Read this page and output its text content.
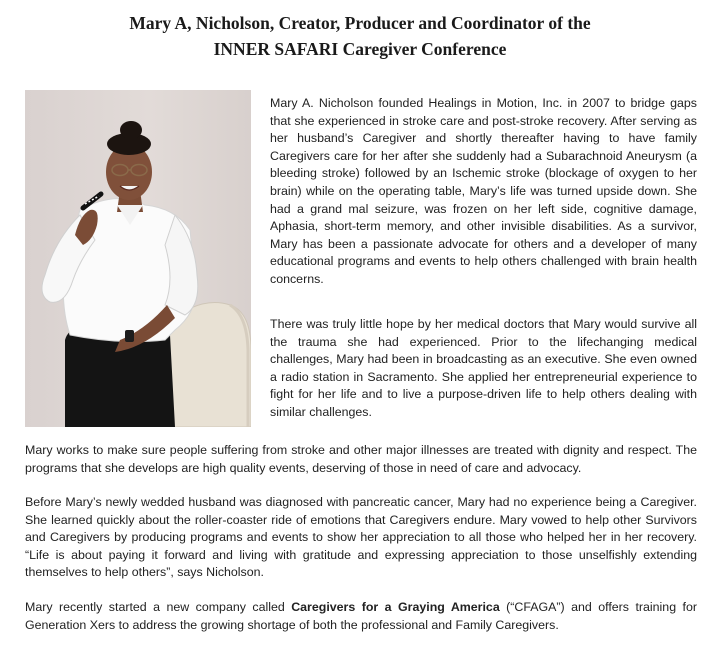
Mary A, Nicholson, Creator, Producer and Coordinator of the
INNER SAFARI Caregiver Conference

Mary A. Nicholson founded Healings in Motion, Inc. in 2007 to bridge gaps that she experienced in stroke care and post-stroke recovery. After serving as her husband’s Caregiver and shortly thereafter having to have family Caregivers care for her after she suddenly had a Subarachnoid Aneurysm (a bleeding stroke) followed by an Ischemic stroke (blockage of oxygen to her brain) while on the operating table, Mary’s life was turned upside down. She had a grand mal seizure, was frozen on her left side, cognitive damage, Aphasia, short-term memory, and other invisible disabilities. As a survivor, Mary has been a passionate advocate for others and a developer of many educational programs and events to help others challenged with brain health concerns.

There was truly little hope by her medical doctors that Mary would survive all the trauma she had experienced. Prior to the lifechanging medical challenges, Mary had been in broadcasting as an executive. She even owned a radio station in Sacramento. She applied her entrepreneurial experience to fight for her life and to live a purpose-driven life to help others dealing with similar challenges.

Mary works to make sure people suffering from stroke and other major illnesses are treated with dignity and respect. The programs that she develops are high quality events, deserving of those in need of care and advocacy.

Before Mary’s newly wedded husband was diagnosed with pancreatic cancer, Mary had no experience being a Caregiver. She learned quickly about the roller-coaster ride of emotions that Caregivers endure. Mary vowed to help other Survivors and Caregivers by producing programs and events to show her appreciation to all those who helped her in her recovery. “Life is about paying it forward and living with gratitude and expressing appreciation to those unselfishly extending themselves to help others”, says Nicholson.

Mary recently started a new company called Caregivers for a Graying America (“CFAGA”) and offers training for Generation Xers to address the growing shortage of both the professional and Family Caregivers.
